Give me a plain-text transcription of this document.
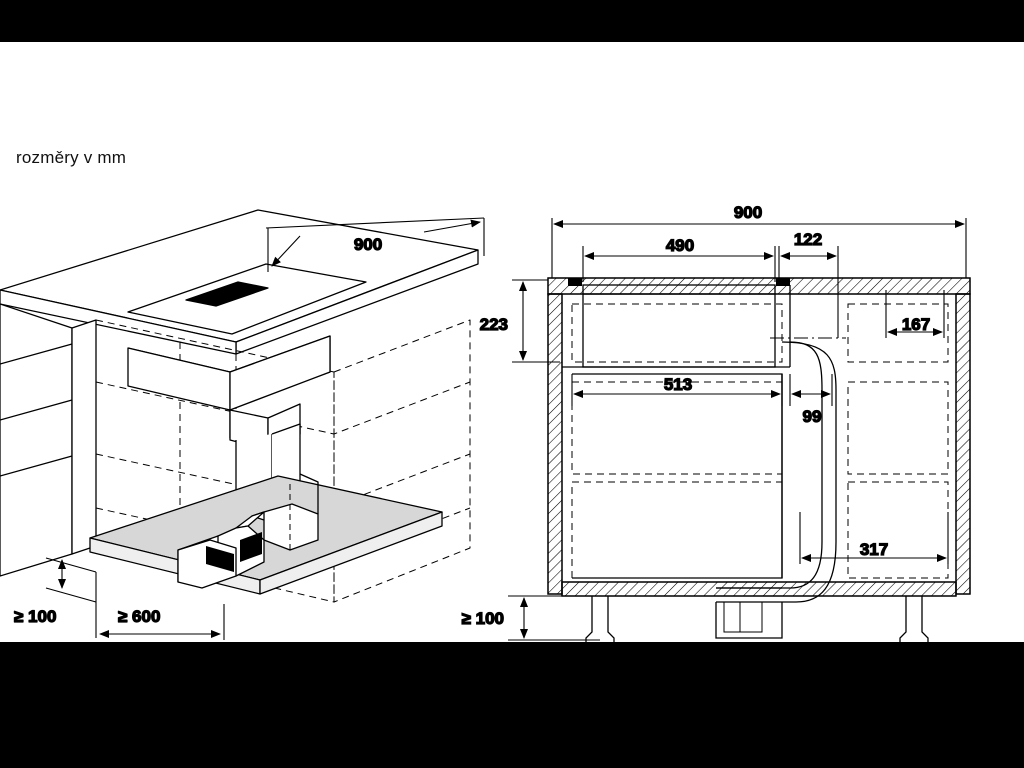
rozměry v mm
900
≥ 100	≥ 600
900
490	122
223	167
513
99
317
≥ 100
